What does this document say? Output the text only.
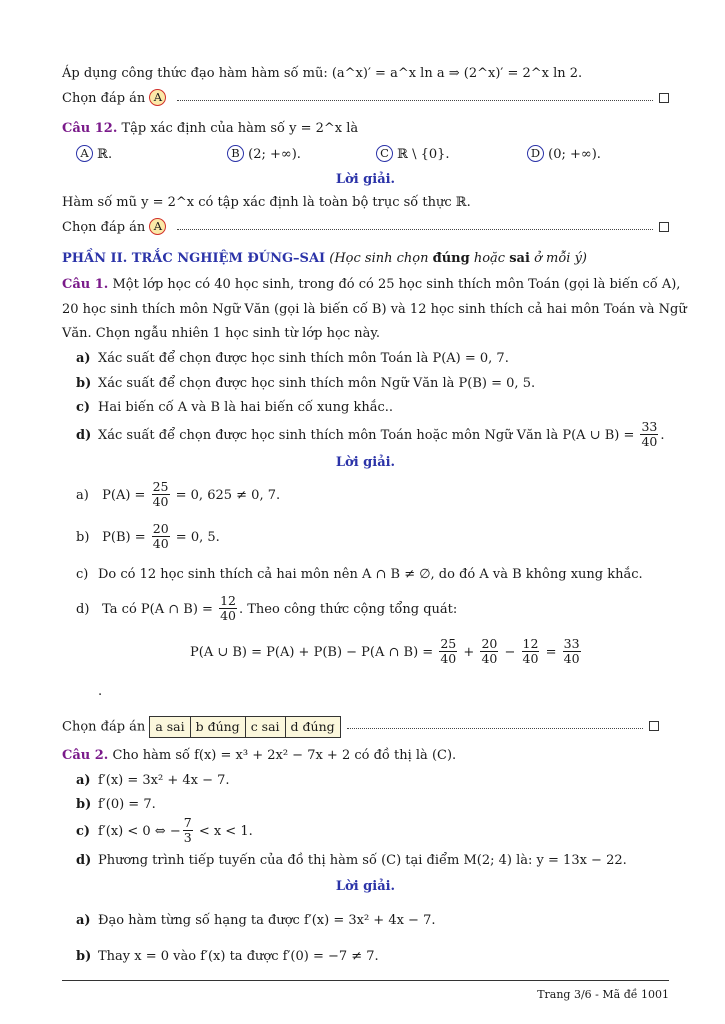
Áp dụng công thức đạo hàm hàm số mũ: (a^x)′ = a^x ln a ⇒ (2^x)′ = 2^x ln 2.
Chọn đáp án A
Câu 12. Tập xác định của hàm số y = 2^x là
A ℝ.	B (2; +∞).	C ℝ \ {0}.	D (0; +∞).
Lời giải.
Hàm số mũ y = 2^x có tập xác định là toàn bộ trục số thực ℝ.
Chọn đáp án A
PHẦN II. TRẮC NGHIỆM ĐÚNG–SAI (Học sinh chọn đúng hoặc sai ở mỗi ý)
Câu 1. Một lớp học có 40 học sinh, trong đó có 25 học sinh thích môn Toán (gọi là biến cố A),
20 học sinh thích môn Ngữ Văn (gọi là biến cố B) và 12 học sinh thích cả hai môn Toán và Ngữ
Văn. Chọn ngẫu nhiên 1 học sinh từ lớp học này.
a) Xác suất để chọn được học sinh thích môn Toán là P(A) = 0, 7.
b) Xác suất để chọn được học sinh thích môn Ngữ Văn là P(B) = 0, 5.
c) Hai biến cố A và B là hai biến cố xung khắc..
d) Xác suất để chọn được học sinh thích môn Toán hoặc môn Ngữ Văn là P(A ∪ $B) = \frac{33}{40}$ .
Lời giải.
a) $P(A) = \frac{25}{40} = 0$, 625 ≠ 0, 7.
b) $P(B) = \frac{20}{40} = 0$, 5.
c) Do có 12 học sinh thích cả hai môn nên A ∩ B ≠ ∅, do đó A và B không xung khắc.
d) Ta có P(A ∩ $B) = \frac{12}{40}$ . Theo công thức cộng tổng quát:
P(A ∪ B) = P(A) + P(B) − P(A ∩ $B) = \frac{25}{40} + \frac{20}{40} - \frac{12}{40} = \frac{33}{40}$
.
Chọn đáp án a sai	b đúng	c sai	d đúng
Câu 2. Cho hàm số f(x) = x³ + 2x² − 7x + 2 có đồ thị là (C).
a) f′(x) = 3x² + 4x − 7.
b) f′(0) = 7.
c) f′(x) < 0 ⇔ − $\frac{7}{3} < x < 1$.
d) Phương trình tiếp tuyến của đồ thị hàm số (C) tại điểm M(2; 4) là: y = 13x − 22.
Lời giải.
a) Đạo hàm từng số hạng ta được f′(x) = 3x² + 4x − 7.
b) Thay x = 0 vào f′(x) ta được f′(0) = −7 ≠ 7.
Trang 3/6 - Mã đề 1001
